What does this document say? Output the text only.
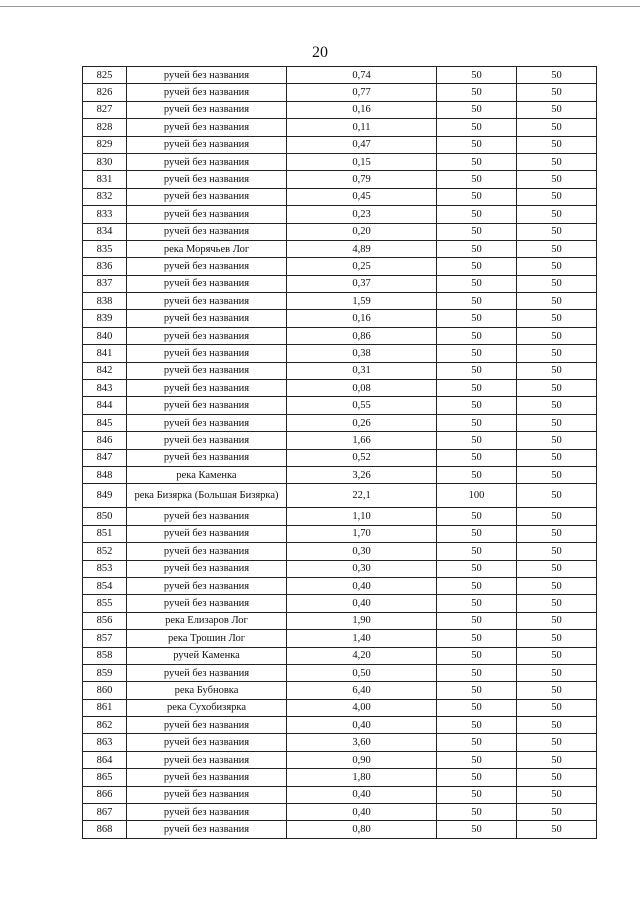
20
825	ручей без названия	0,74	50	50
826	ручей без названия	0,77	50	50
827	ручей без названия	0,16	50	50
828	ручей без названия	0,11	50	50
829	ручей без названия	0,47	50	50
830	ручей без названия	0,15	50	50
831	ручей без названия	0,79	50	50
832	ручей без названия	0,45	50	50
833	ручей без названия	0,23	50	50
834	ручей без названия	0,20	50	50
835	река Морячьев Лог	4,89	50	50
836	ручей без названия	0,25	50	50
837	ручей без названия	0,37	50	50
838	ручей без названия	1,59	50	50
839	ручей без названия	0,16	50	50
840	ручей без названия	0,86	50	50
841	ручей без названия	0,38	50	50
842	ручей без названия	0,31	50	50
843	ручей без названия	0,08	50	50
844	ручей без названия	0,55	50	50
845	ручей без названия	0,26	50	50
846	ручей без названия	1,66	50	50
847	ручей без названия	0,52	50	50
848	река Каменка	3,26	50	50
849	река Бизярка (Большая Бизярка)	22,1	100	50
850	ручей без названия	1,10	50	50
851	ручей без названия	1,70	50	50
852	ручей без названия	0,30	50	50
853	ручей без названия	0,30	50	50
854	ручей без названия	0,40	50	50
855	ручей без названия	0,40	50	50
856	река Елизаров Лог	1,90	50	50
857	река Трошин Лог	1,40	50	50
858	ручей Каменка	4,20	50	50
859	ручей без названия	0,50	50	50
860	река Бубновка	6,40	50	50
861	река Сухобизярка	4,00	50	50
862	ручей без названия	0,40	50	50
863	ручей без названия	3,60	50	50
864	ручей без названия	0,90	50	50
865	ручей без названия	1,80	50	50
866	ручей без названия	0,40	50	50
867	ручей без названия	0,40	50	50
868	ручей без названия	0,80	50	50
